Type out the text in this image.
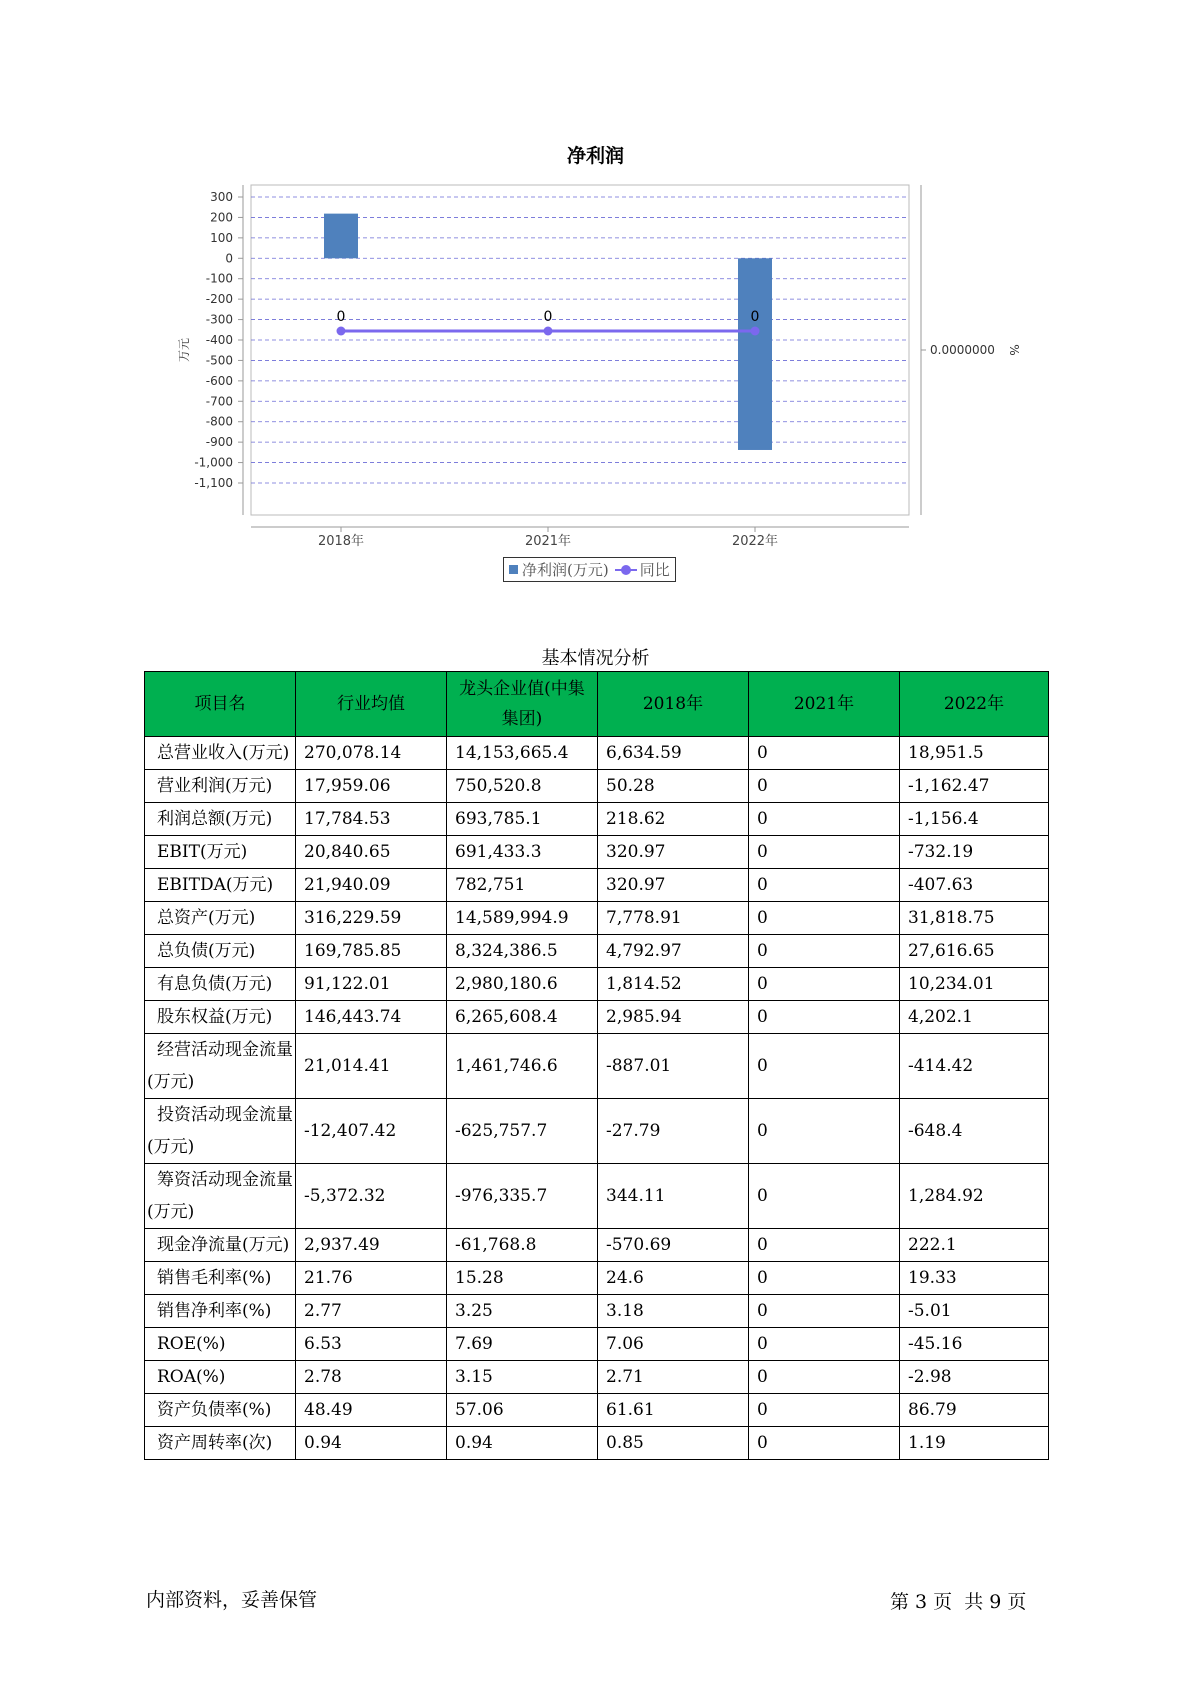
净利润
300
200
100
0
-100
-200
-300
-400
-500
-600
-700
-800
-900
-1,000
-1,100
万元	0.0000000 %
0	0	0
2018年	2021年	2022年
净利润(万元) 同比
基本情况分析
项目名	行业均值	龙头企业值(中集集团)	2018年	2021年	2022年
总营业收入(万元)	270,078.14	14,153,665.4	6,634.59	0	18,951.5
营业利润(万元)	17,959.06	750,520.8	50.28	0	-1,162.47
利润总额(万元)	17,784.53	693,785.1	218.62	0	-1,156.4
EBIT(万元)	20,840.65	691,433.3	320.97	0	-732.19
EBITDA(万元)	21,940.09	782,751	320.97	0	-407.63
总资产(万元)	316,229.59	14,589,994.9	7,778.91	0	31,818.75
总负债(万元)	169,785.85	8,324,386.5	4,792.97	0	27,616.65
有息负债(万元)	91,122.01	2,980,180.6	1,814.52	0	10,234.01
股东权益(万元)	146,443.74	6,265,608.4	2,985.94	0	4,202.1
经营活动现金流量(万元)	21,014.41	1,461,746.6	-887.01	0	-414.42
投资活动现金流量(万元)	-12,407.42	-625,757.7	-27.79	0	-648.4
筹资活动现金流量(万元)	-5,372.32	-976,335.7	344.11	0	1,284.92
现金净流量(万元)	2,937.49	-61,768.8	-570.69	0	222.1
销售毛利率(%)	21.76	15.28	24.6	0	19.33
销售净利率(%)	2.77	3.25	3.18	0	-5.01
ROE(%)	6.53	7.69	7.06	0	-45.16
ROA(%)	2.78	3.15	2.71	0	-2.98
资产负债率(%)	48.49	57.06	61.61	0	86.79
资产周转率(次)	0.94	0.94	0.85	0	1.19
内部资料，妥善保管	第 3 页  共 9 页
